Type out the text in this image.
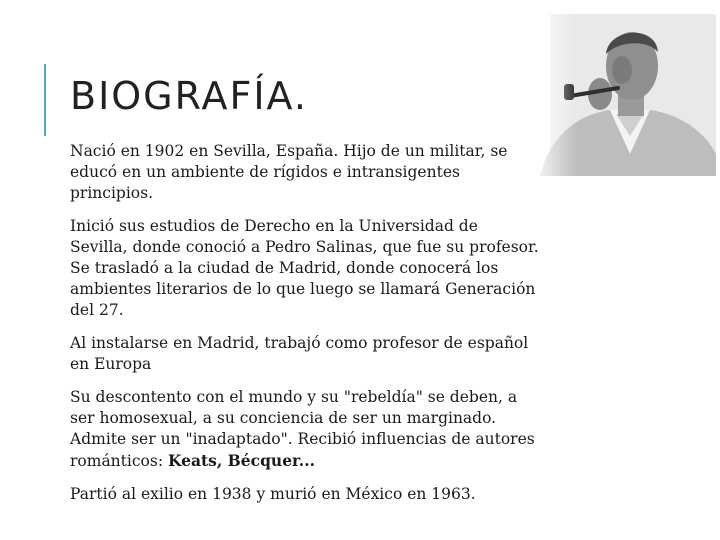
BIOGRAFÍA.

Nació en 1902 en Sevilla, España. Hijo de un militar, se educó en un ambiente de rígidos e intransigentes principios.

Inició sus estudios de Derecho en la Universidad de Sevilla, donde conoció a Pedro Salinas, que fue su profesor. Se trasladó a la ciudad de Madrid, donde conocerá los ambientes literarios de lo que luego se llamará Generación del 27.

Al instalarse en Madrid, trabajó como profesor de español en Europa

Su descontento con el mundo y su "rebeldía" se deben, a ser homosexual, a su conciencia de ser un marginado. Admite ser un "inadaptado". Recibió influencias de autores románticos: Keats, Bécquer...

Partió al exilio en 1938 y murió en México en 1963.
